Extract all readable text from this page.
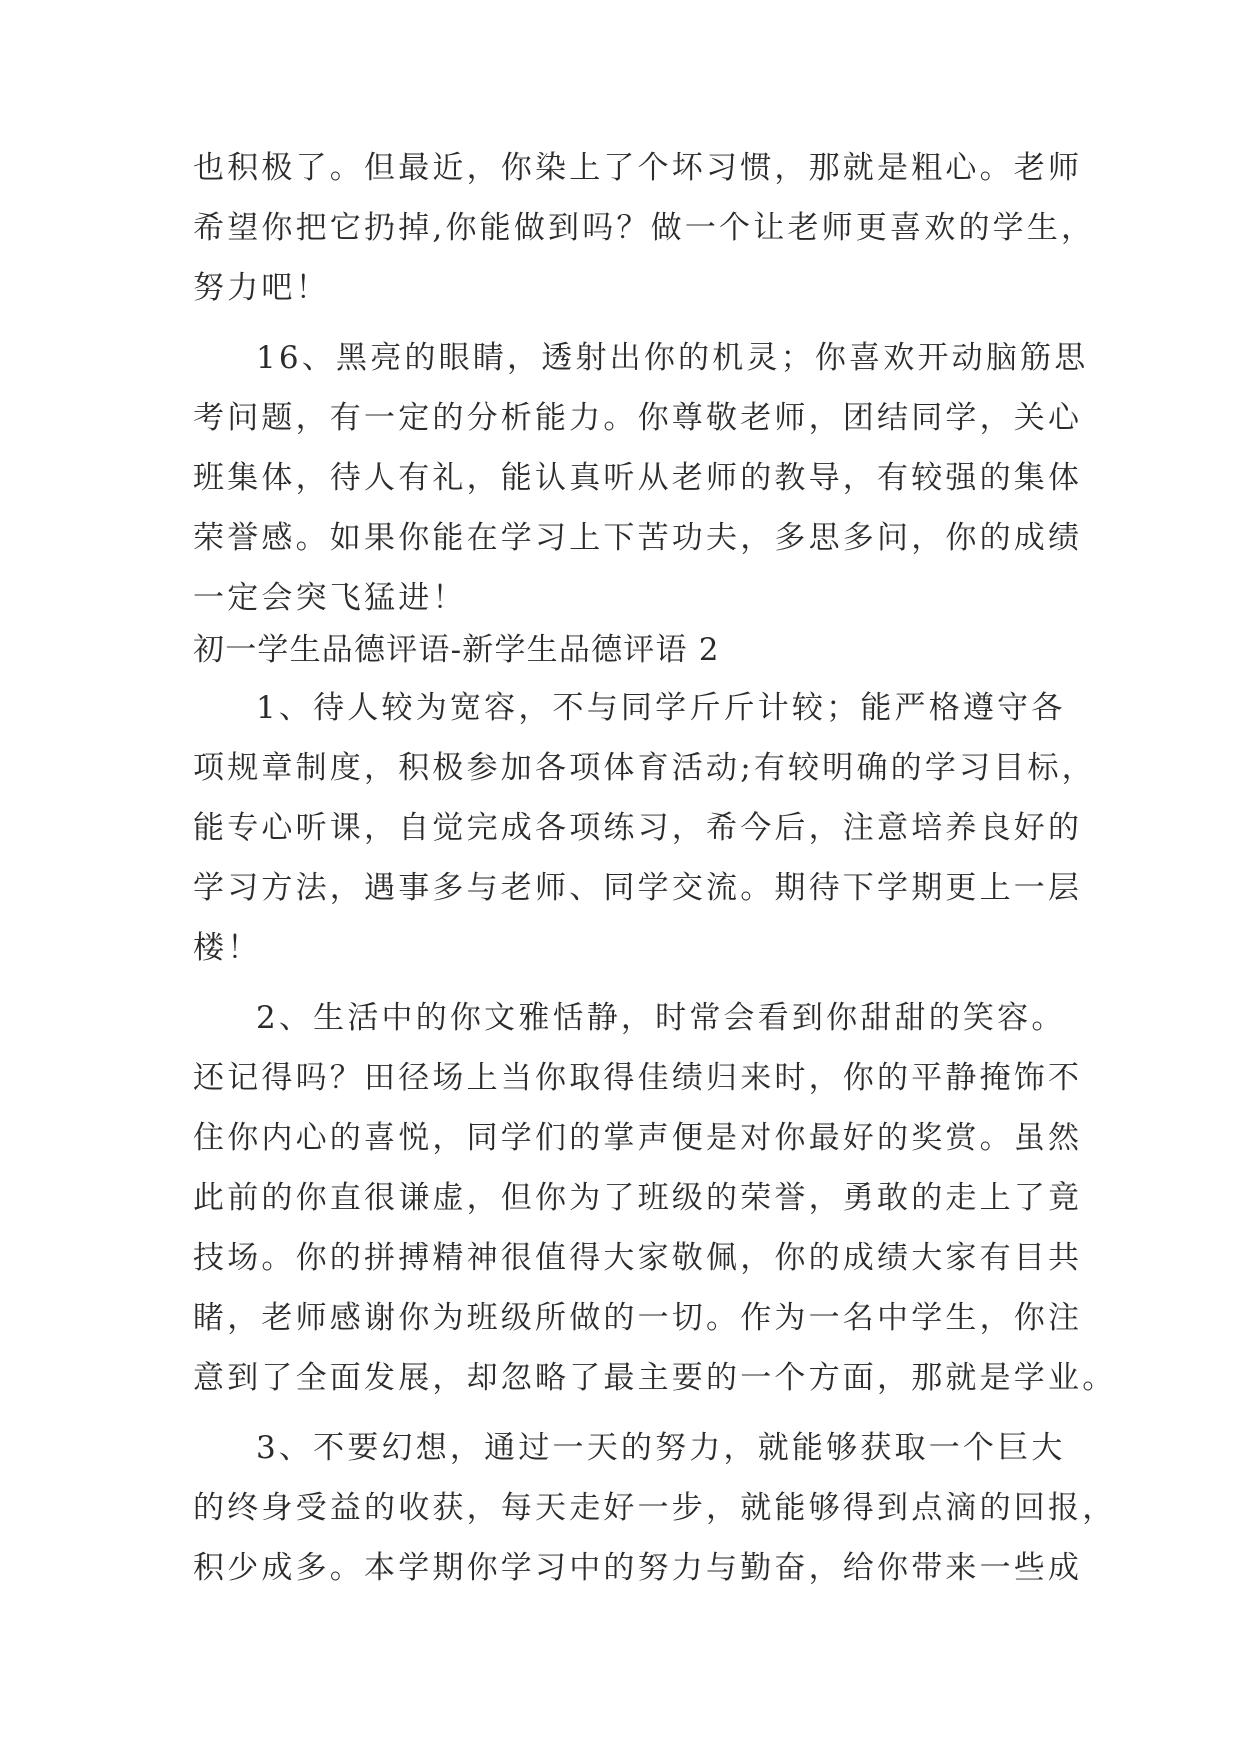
也积极了。但最近，你染上了个坏习惯，那就是粗心。老师
希望你把它扔掉,你能做到吗？做一个让老师更喜欢的学生，
努力吧！
16、黑亮的眼睛，透射出你的机灵；你喜欢开动脑筋思
考问题，有一定的分析能力。你尊敬老师，团结同学，关心
班集体，待人有礼，能认真听从老师的教导，有较强的集体
荣誉感。如果你能在学习上下苦功夫，多思多问，你的成绩
一定会突飞猛进！
初一学生品德评语-新学生品德评语 2
1、待人较为宽容，不与同学斤斤计较；能严格遵守各
项规章制度，积极参加各项体育活动;有较明确的学习目标，
能专心听课，自觉完成各项练习，希今后，注意培养良好的
学习方法，遇事多与老师、同学交流。期待下学期更上一层
楼！
2、生活中的你文雅恬静，时常会看到你甜甜的笑容。
还记得吗？田径场上当你取得佳绩归来时，你的平静掩饰不
住你内心的喜悦，同学们的掌声便是对你最好的奖赏。虽然
此前的你直很谦虚，但你为了班级的荣誉，勇敢的走上了竟
技场。你的拼搏精神很值得大家敬佩，你的成绩大家有目共
睹，老师感谢你为班级所做的一切。作为一名中学生，你注
意到了全面发展，却忽略了最主要的一个方面，那就是学业。
3、不要幻想，通过一天的努力，就能够获取一个巨大
的终身受益的收获，每天走好一步，就能够得到点滴的回报，
积少成多。本学期你学习中的努力与勤奋，给你带来一些成
